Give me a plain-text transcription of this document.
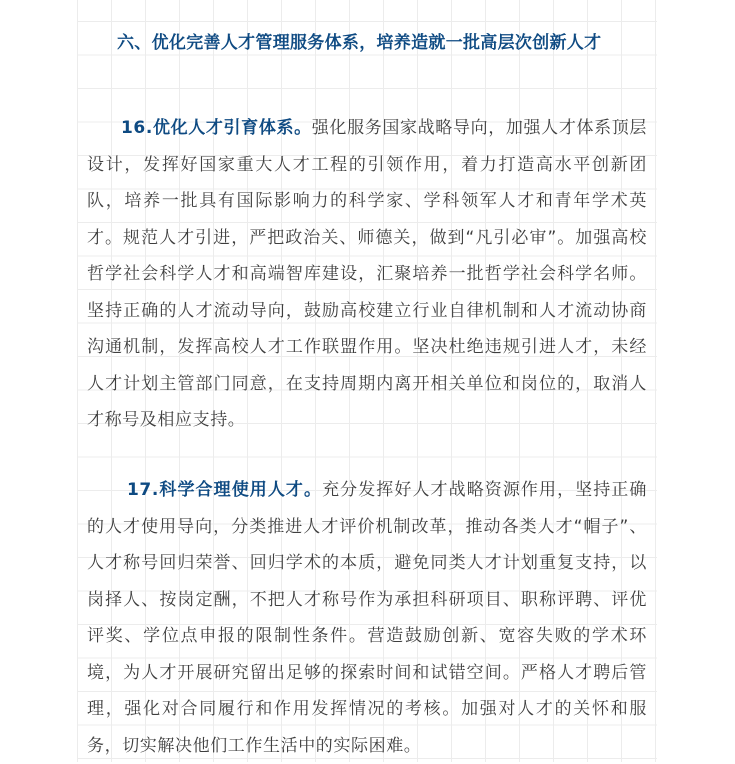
六、优化完善人才管理服务体系，培养造就一批高层次创新人才

16.优化人才引育体系。强化服务国家战略导向，加强人才体系顶层设计，发挥好国家重大人才工程的引领作用，着力打造高水平创新团队，培养一批具有国际影响力的科学家、学科领军人才和青年学术英才。规范人才引进，严把政治关、师德关，做到“凡引必审”。加强高校哲学社会科学人才和高端智库建设，汇聚培养一批哲学社会科学名师。坚持正确的人才流动导向，鼓励高校建立行业自律机制和人才流动协商沟通机制，发挥高校人才工作联盟作用。坚决杜绝违规引进人才，未经人才计划主管部门同意，在支持周期内离开相关单位和岗位的，取消人才称号及相应支持。

17.科学合理使用人才。充分发挥好人才战略资源作用，坚持正确的人才使用导向，分类推进人才评价机制改革，推动各类人才“帽子”、人才称号回归荣誉、回归学术的本质，避免同类人才计划重复支持，以岗择人、按岗定酬，不把人才称号作为承担科研项目、职称评聘、评优评奖、学位点申报的限制性条件。营造鼓励创新、宽容失败的学术环境，为人才开展研究留出足够的探索时间和试错空间。严格人才聘后管理，强化对合同履行和作用发挥情况的考核。加强对人才的关怀和服务，切实解决他们工作生活中的实际困难。
